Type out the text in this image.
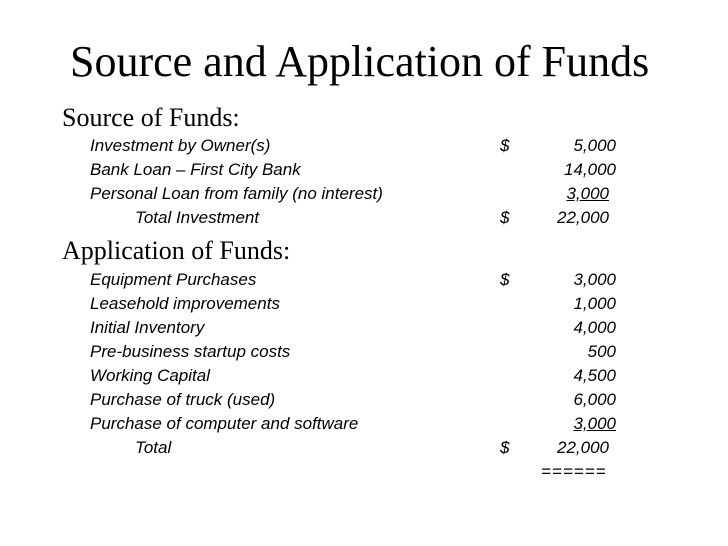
Source and Application of Funds
Source of Funds:
Investment by Owner(s)	$	5,000
Bank Loan – First City Bank	14,000
Personal Loan from family (no interest)	3,000
Total Investment	$	22,000
Application of Funds:
Equipment Purchases	$	3,000
Leasehold improvements	1,000
Initial Inventory	4,000
Pre-business startup costs	500
Working Capital	4,500
Purchase of truck (used)	6,000
Purchase of computer and software	3,000
Total	$	22,000
======
